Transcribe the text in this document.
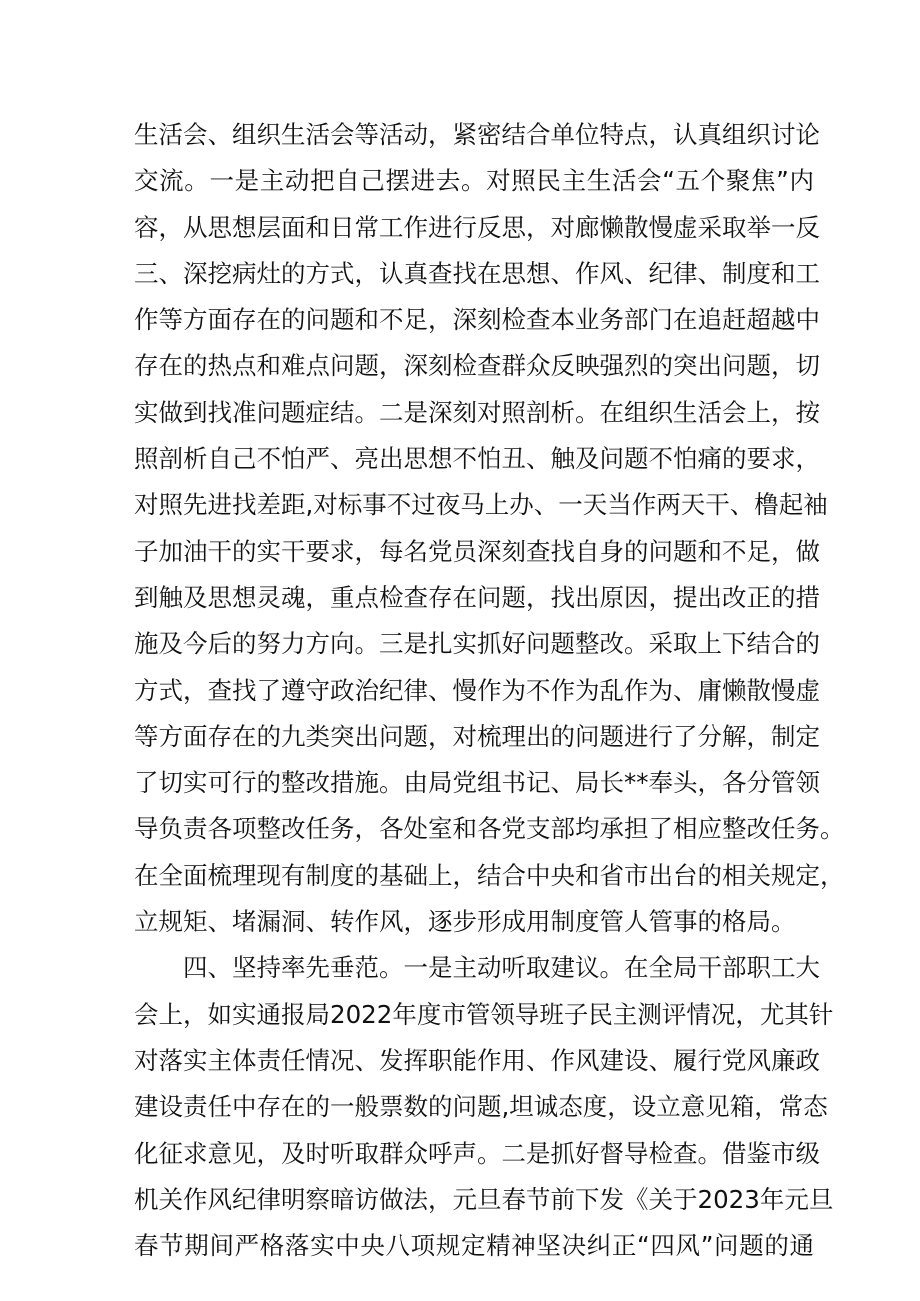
生活会、组织生活会等活动，紧密结合单位特点，认真组织讨论
交流。一是主动把自己摆进去。对照民主生活会“五个聚焦”内
容，从思想层面和日常工作进行反思，对廊懒散慢虚采取举一反
三、深挖病灶的方式，认真查找在思想、作风、纪律、制度和工
作等方面存在的问题和不足，深刻检查本业务部门在追赶超越中
存在的热点和难点问题，深刻检查群众反映强烈的突出问题，切
实做到找准问题症结。二是深刻对照剖析。在组织生活会上，按
照剖析自己不怕严、亮出思想不怕丑、触及问题不怕痛的要求，
对照先进找差距,对标事不过夜马上办、一天当作两天干、橹起袖
子加油干的实干要求，每名党员深刻查找自身的问题和不足，做
到触及思想灵魂，重点检查存在问题，找出原因，提出改正的措
施及今后的努力方向。三是扎实抓好问题整改。采取上下结合的
方式，查找了遵守政治纪律、慢作为不作为乱作为、庸懒散慢虚
等方面存在的九类突出问题，对梳理出的问题进行了分解，制定
了切实可行的整改措施。由局党组书记、局长**奉头，各分管领
导负责各项整改任务，各处室和各党支部均承担了相应整改任务。
在全面梳理现有制度的基础上，结合中央和省市出台的相关规定，
立规矩、堵漏洞、转作风，逐步形成用制度管人管事的格局。
四、坚持率先垂范。一是主动听取建议。在全局干部职工大
会上，如实通报局2022年度市管领导班子民主测评情况，尤其针
对落实主体责任情况、发挥职能作用、作风建设、履行党风廉政
建设责任中存在的一般票数的问题,坦诚态度，设立意见箱，常态
化征求意见，及时听取群众呼声。二是抓好督导检查。借鉴市级
机关作风纪律明察暗访做法，元旦春节前下发《关于2023年元旦
春节期间严格落实中央八项规定精神坚决纠正“四风”问题的通
